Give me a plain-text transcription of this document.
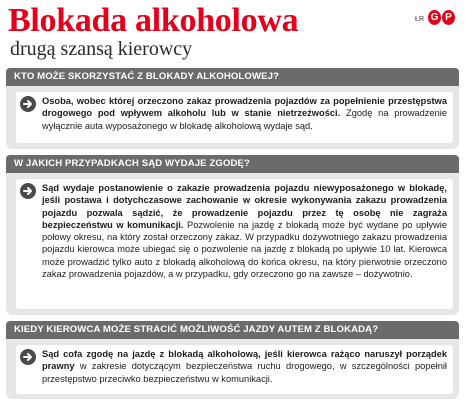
Blokada alkoholowa
drugą szansą kierowcy
ŁR G P
KTO MOŻE SKORZYSTAĆ Z BLOKADY ALKOHOLOWEJ?
Osoba, wobec której orzeczono zakaz prowadzenia pojazdów za popełnienie przestępstwa drogowego pod wpływem alkoholu lub w stanie nietrzeźwości. Zgodę na prowadzenie wyłącznie auta wyposażonego w blokadę alkoholową wydaje sąd.
W JAKICH PRZYPADKACH SĄD WYDAJE ZGODĘ?
Sąd wydaje postanowienie o zakazie prowadzenia pojazdu niewyposażonego w blokadę, jeśli postawa i dotychczasowe zachowanie w okresie wykonywania zakazu prowadzenia pojazdu pozwala sądzić, że prowadzenie pojazdu przez tę osobę nie zagraża bezpieczeństwu w komunikacji. Pozwolenie na jazdę z blokadą może być wydane po upływie połowy okresu, na który został orzeczony zakaz. W przypadku dożywotniego zakazu prowadzenia pojazdu kierowca może ubiegać się o pozwolenie na jazdę z blokadą po upływie 10 lat. Kierowca może prowadzić tylko auto z blokadą alkoholową do końca okresu, na który pierwotnie orzeczono zakaz prowadzenia pojazdów, a w przypadku, gdy orzeczono go na zawsze – dożywotnio.
KIEDY KIEROWCA MOŻE STRACIĆ MOŻLIWOŚĆ JAZDY AUTEM Z BLOKADĄ?
Sąd cofa zgodę na jazdę z blokadą alkoholową, jeśli kierowca rażąco naruszył porządek prawny w zakresie dotyczącym bezpieczeństwa ruchu drogowego, w szczególności popełnił przestępstwo przeciwko bezpieczeństwu w komunikacji.
